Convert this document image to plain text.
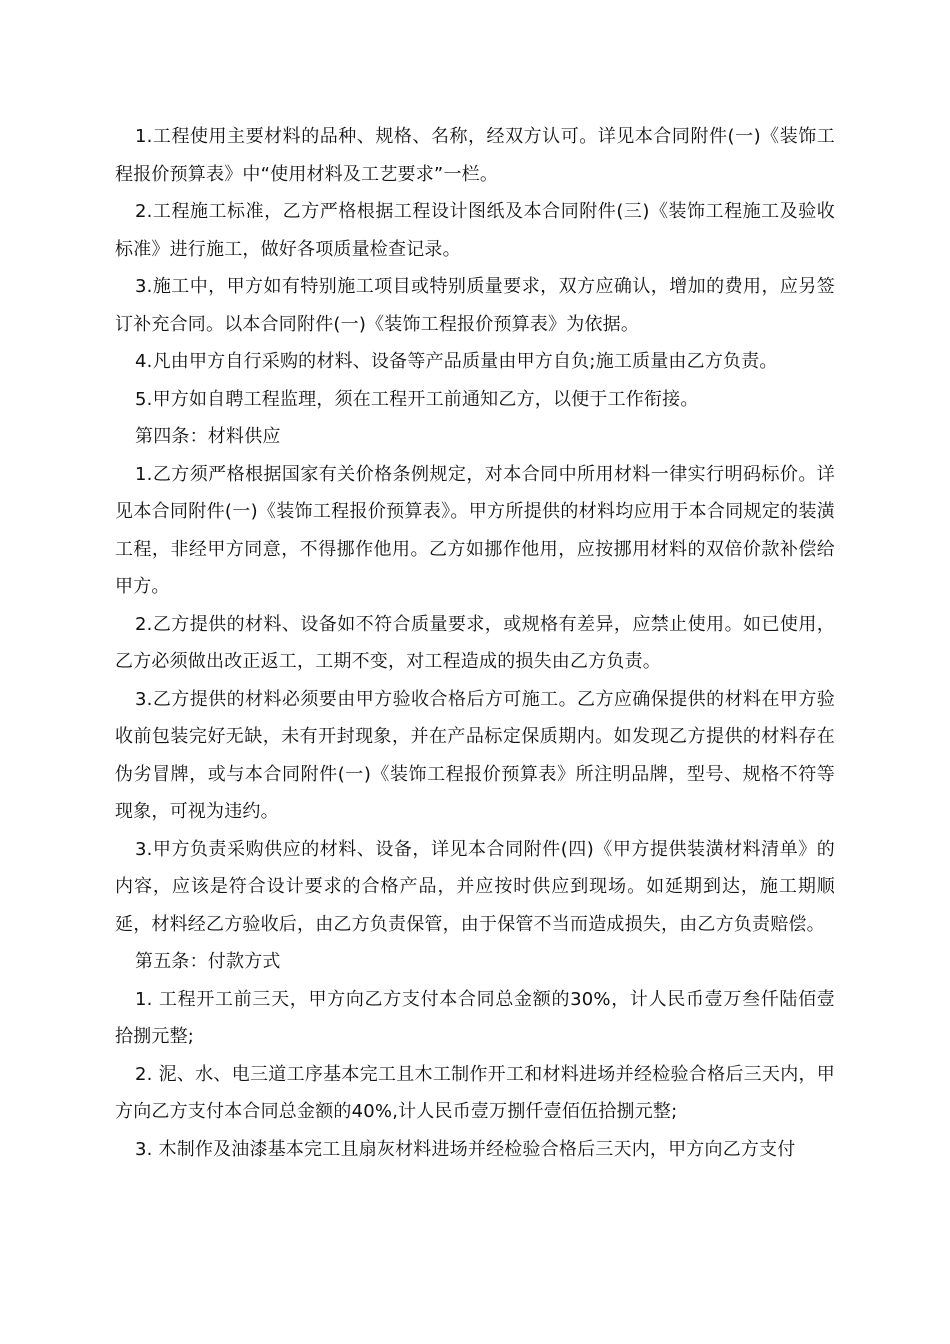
1.工程使用主要材料的品种、规格、名称，经双方认可。详见本合同附件(一)《装饰工程报价预算表》中“使用材料及工艺要求”一栏。

2.工程施工标准，乙方严格根据工程设计图纸及本合同附件(三)《装饰工程施工及验收标准》进行施工，做好各项质量检查记录。

3.施工中，甲方如有特别施工项目或特别质量要求，双方应确认，增加的费用，应另签订补充合同。以本合同附件(一)《装饰工程报价预算表》为依据。

4.凡由甲方自行采购的材料、设备等产品质量由甲方自负;施工质量由乙方负责。

5.甲方如自聘工程监理，须在工程开工前通知乙方，以便于工作衔接。

第四条：材料供应

1.乙方须严格根据国家有关价格条例规定，对本合同中所用材料一律实行明码标价。详见本合同附件(一)《装饰工程报价预算表》。甲方所提供的材料均应用于本合同规定的装潢工程，非经甲方同意，不得挪作他用。乙方如挪作他用，应按挪用材料的双倍价款补偿给甲方。

2.乙方提供的材料、设备如不符合质量要求，或规格有差异，应禁止使用。如已使用，乙方必须做出改正返工，工期不变，对工程造成的损失由乙方负责。

3.乙方提供的材料必须要由甲方验收合格后方可施工。乙方应确保提供的材料在甲方验收前包装完好无缺，未有开封现象，并在产品标定保质期内。如发现乙方提供的材料存在伪劣冒牌，或与本合同附件(一)《装饰工程报价预算表》所注明品牌，型号、规格不符等现象，可视为违约。

3.甲方负责采购供应的材料、设备，详见本合同附件(四)《甲方提供装潢材料清单》的内容，应该是符合设计要求的合格产品，并应按时供应到现场。如延期到达，施工期顺延，材料经乙方验收后，由乙方负责保管，由于保管不当而造成损失，由乙方负责赔偿。

第五条：付款方式

1. 工程开工前三天，甲方向乙方支付本合同总金额的30%，计人民币壹万叁仟陆佰壹拾捌元整;

2. 泥、水、电三道工序基本完工且木工制作开工和材料进场并经检验合格后三天内，甲方向乙方支付本合同总金额的40%,计人民币壹万捌仟壹佰伍拾捌元整;

3. 木制作及油漆基本完工且扇灰材料进场并经检验合格后三天内，甲方向乙方支付
